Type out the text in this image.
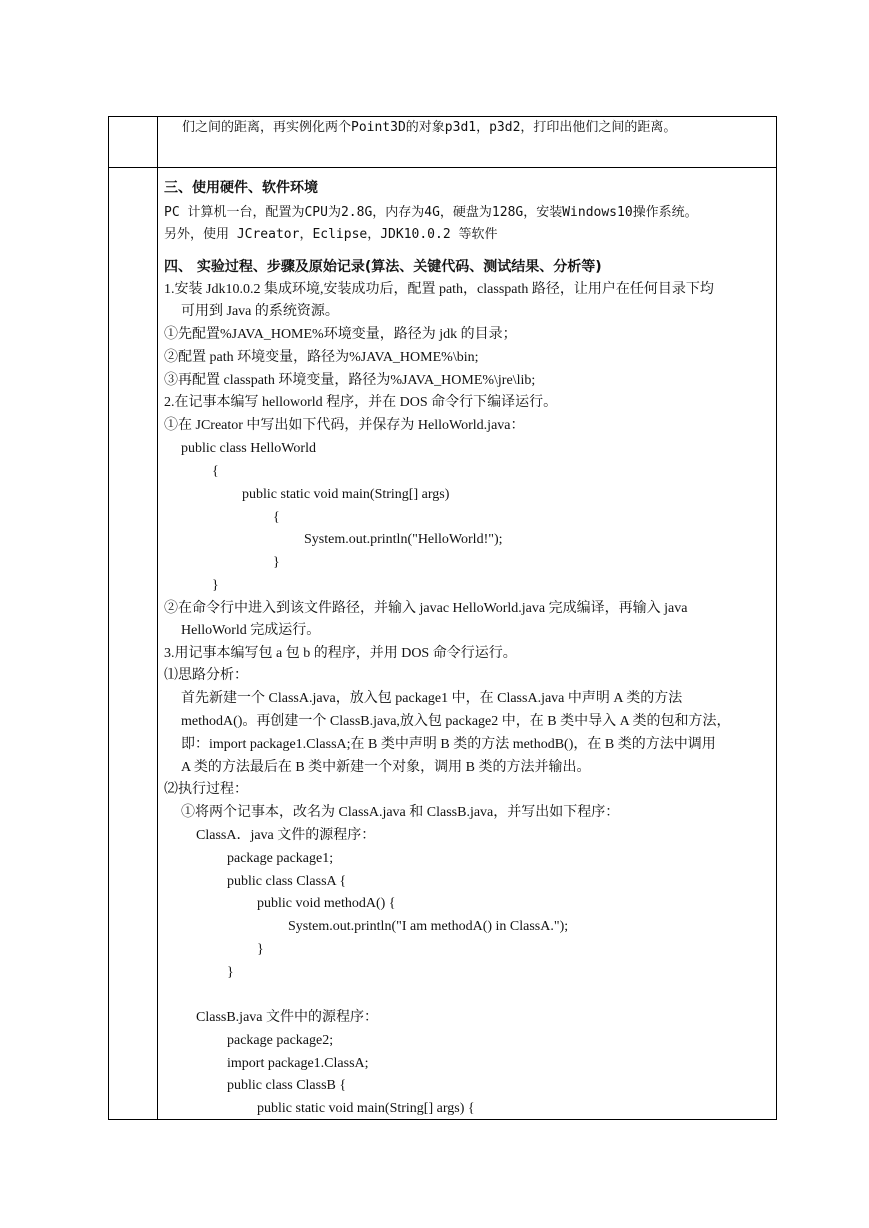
们之间的距离，再实例化两个Point3D的对象p3d1，p3d2，打印出他们之间的距离。
三、使用硬件、软件环境
PC 计算机一台，配置为CPU为2.8G，内存为4G，硬盘为128G，安装Windows10操作系统。
另外，使用 JCreator，Eclipse，JDK10.0.2 等软件
四、 实验过程、步骤及原始记录(算法、关键代码、测试结果、分析等)
1.安装 Jdk10.0.2 集成环境,安装成功后，配置 path，classpath 路径，让用户在任何目录下均
可用到 Java 的系统资源。
①先配置%JAVA_HOME%环境变量，路径为 jdk 的目录；
②配置 path 环境变量，路径为%JAVA_HOME%\bin;
③再配置 classpath 环境变量，路径为%JAVA_HOME%\jre\lib;
2.在记事本编写 helloworld 程序，并在 DOS 命令行下编译运行。
①在 JCreator 中写出如下代码，并保存为 HelloWorld.java：
public class HelloWorld
{
public static void main(String[] args)
{
System.out.println("HelloWorld!");
}
}
②在命令行中进入到该文件路径，并输入 javac HelloWorld.java 完成编译，再输入 java
HelloWorld 完成运行。
3.用记事本编写包 a 包 b 的程序，并用 DOS 命令行运行。
⑴思路分析：
首先新建一个 ClassA.java，放入包 package1 中，在 ClassA.java 中声明 A 类的方法
methodA()。再创建一个 ClassB.java,放入包 package2 中，在 B 类中导入 A 类的包和方法，
即：import package1.ClassA;在 B 类中声明 B 类的方法 methodB()，在 B 类的方法中调用
A 类的方法最后在 B 类中新建一个对象，调用 B 类的方法并输出。
⑵执行过程：
①将两个记事本，改名为 ClassA.java 和 ClassB.java，并写出如下程序：
ClassA．java 文件的源程序：
package package1;
public class ClassA {
public void methodA() {
System.out.println("I am methodA() in ClassA.");
}
}
ClassB.java 文件中的源程序：
package package2;
import package1.ClassA;
public class ClassB {
public static void main(String[] args) {
